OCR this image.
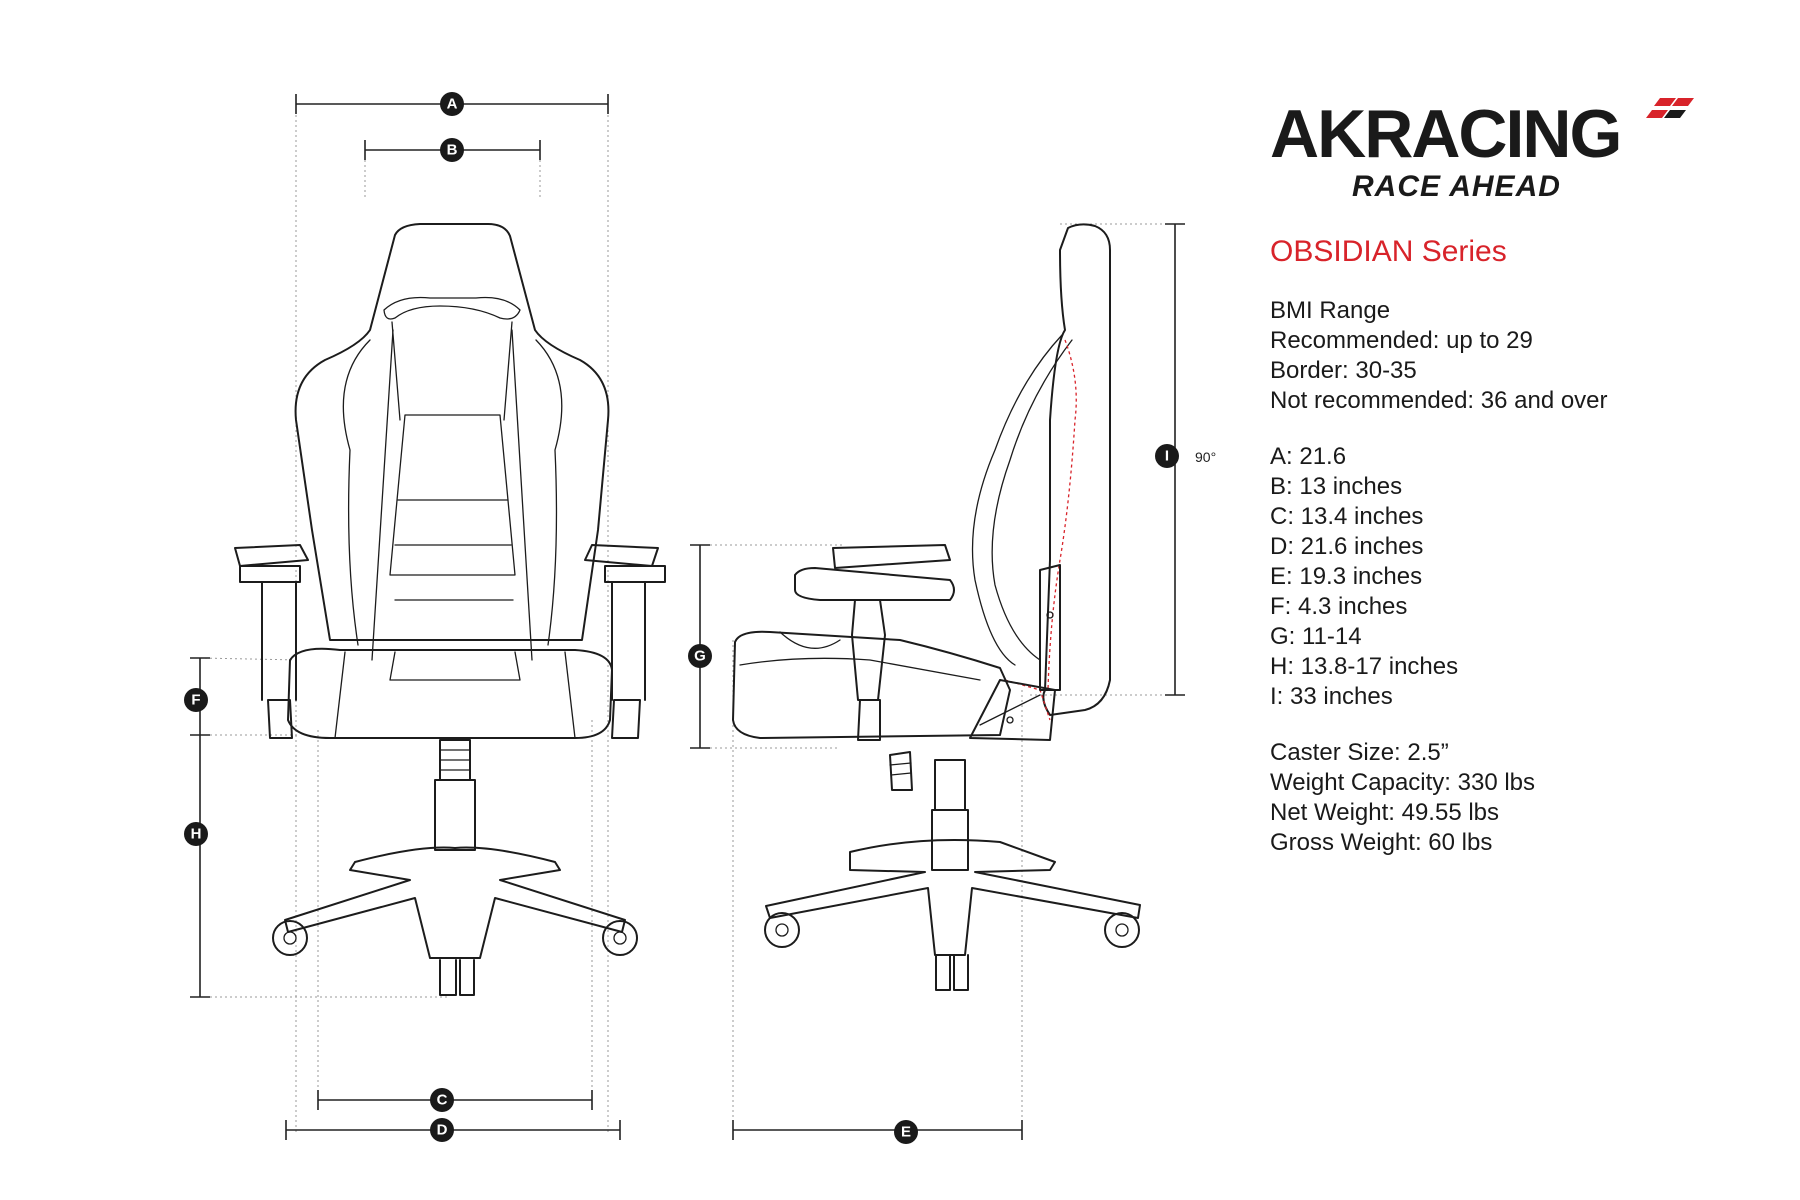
A
B
C
D	E
F
G
H
I 90°
AKRACING
RACE AHEAD
OBSIDIAN Series
BMI Range
Recommended: up to 29
Border: 30-35
Not recommended: 36 and over
A: 21.6
B: 13 inches
C: 13.4 inches
D: 21.6 inches
E: 19.3 inches
F: 4.3 inches
G: 11-14
H: 13.8-17 inches
I: 33 inches
Caster Size: 2.5”
Weight Capacity: 330 lbs
Net Weight: 49.55 lbs
Gross Weight: 60 lbs
